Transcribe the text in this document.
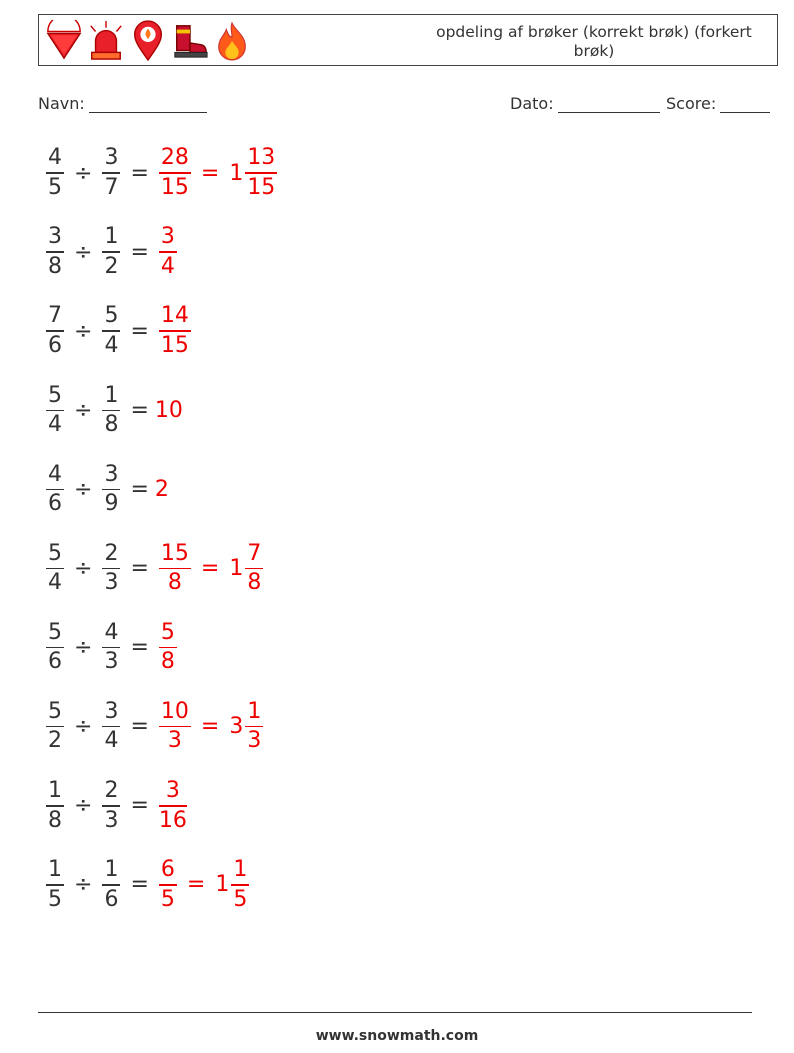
opdeling af brøker (korrekt brøk) (forkert brøk)
Navn:	Dato:	Score:
$\frac{4}{5} \div \frac{3}{7} = \frac{28}{15} = 1 \frac{13}{15}$
$\frac{3}{8} \div \frac{1}{2} = \frac{3}{4}$
$\frac{7}{6} \div \frac{5}{4} = \frac{14}{15}$
$\frac{5}{4} \div \frac{1}{8} = 10$
$\frac{4}{6} \div \frac{3}{9} = 2$
$\frac{5}{4} \div \frac{2}{3} = \frac{15}{8} = 1 \frac{7}{8}$
$\frac{5}{6} \div \frac{4}{3} = \frac{5}{8}$
$\frac{5}{2} \div \frac{3}{4} = \frac{10}{3} = 3 \frac{1}{3}$
$\frac{1}{8} \div \frac{2}{3} = \frac{3}{16}$
$\frac{1}{5} \div \frac{1}{6} = \frac{6}{5} = 1 \frac{1}{5}$
www.snowmath.com
